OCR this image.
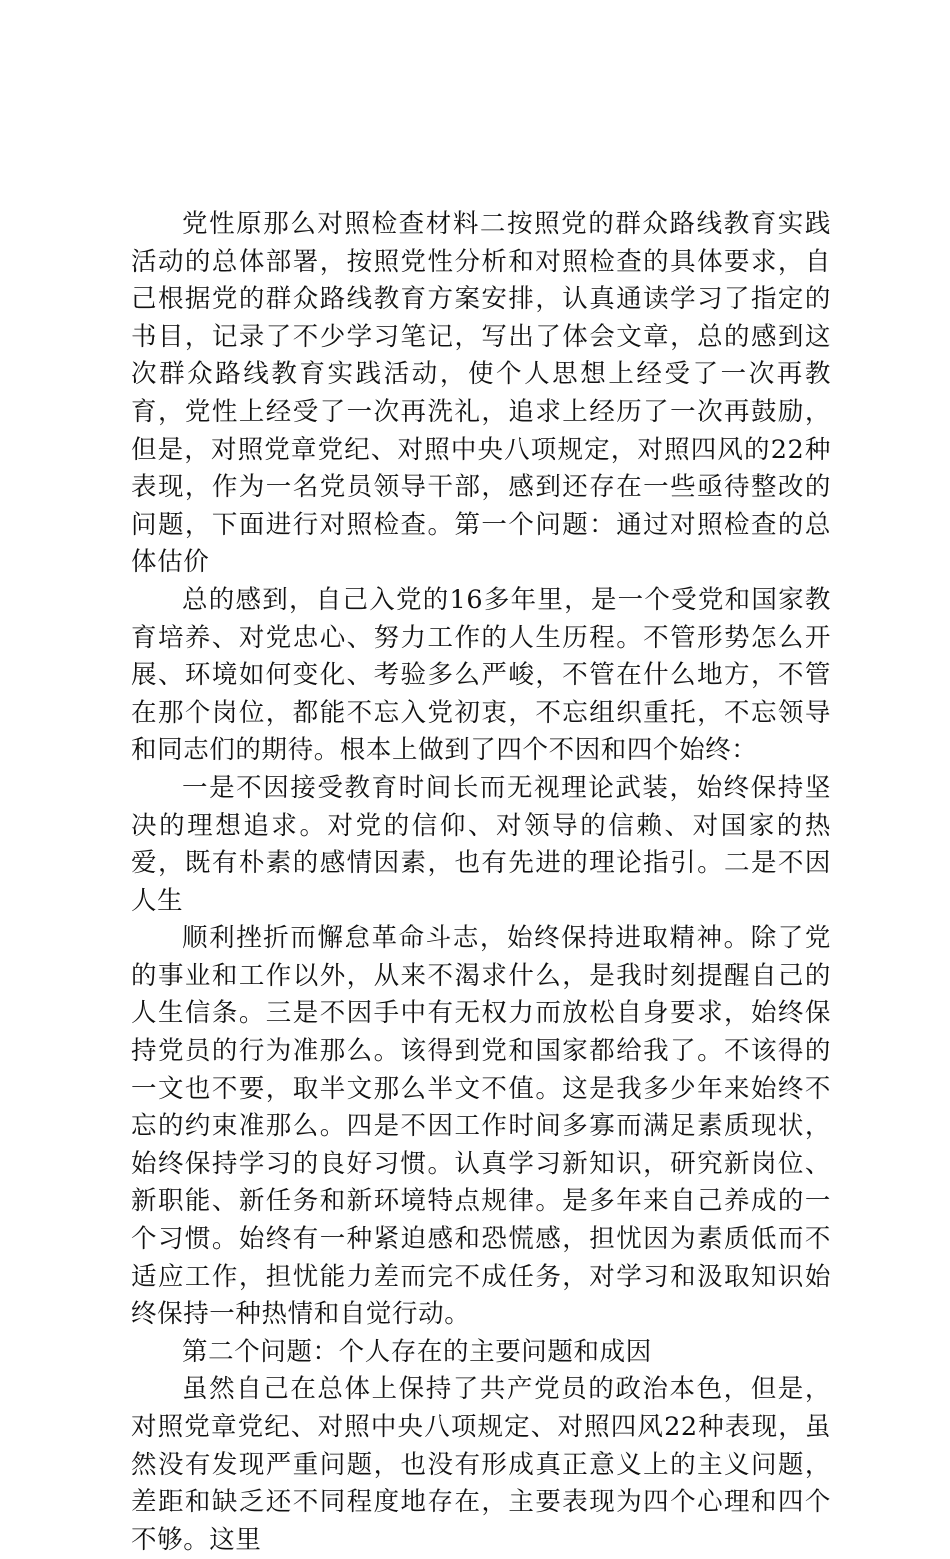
党性原那么对照检查材料二按照党的群众路线教育实践活动的总体部署，按照党性分析和对照检查的具体要求，自己根据党的群众路线教育方案安排，认真通读学习了指定的书目，记录了不少学习笔记，写出了体会文章，总的感到这次群众路线教育实践活动，使个人思想上经受了一次再教育，党性上经受了一次再洗礼，追求上经历了一次再鼓励，但是，对照党章党纪、对照中央八项规定，对照四风的22种表现，作为一名党员领导干部，感到还存在一些亟待整改的问题，下面进行对照检查。第一个问题：通过对照检查的总体估价

总的感到，自己入党的16多年里，是一个受党和国家教育培养、对党忠心、努力工作的人生历程。不管形势怎么开展、环境如何变化、考验多么严峻，不管在什么地方，不管在那个岗位，都能不忘入党初衷，不忘组织重托，不忘领导和同志们的期待。根本上做到了四个不因和四个始终：

一是不因接受教育时间长而无视理论武装，始终保持坚决的理想追求。对党的信仰、对领导的信赖、对国家的热爱，既有朴素的感情因素，也有先进的理论指引。二是不因人生

顺利挫折而懈怠革命斗志，始终保持进取精神。除了党的事业和工作以外，从来不渴求什么，是我时刻提醒自己的人生信条。三是不因手中有无权力而放松自身要求，始终保持党员的行为准那么。该得到党和国家都给我了。不该得的一文也不要，取半文那么半文不值。这是我多少年来始终不忘的约束准那么。四是不因工作时间多寡而满足素质现状，始终保持学习的良好习惯。认真学习新知识，研究新岗位、新职能、新任务和新环境特点规律。是多年来自己养成的一个习惯。始终有一种紧迫感和恐慌感，担忧因为素质低而不适应工作，担忧能力差而完不成任务，对学习和汲取知识始终保持一种热情和自觉行动。

第二个问题：个人存在的主要问题和成因

虽然自己在总体上保持了共产党员的政治本色，但是，对照党章党纪、对照中央八项规定、对照四风22种表现，虽然没有发现严重问题，也没有形成真正意义上的主义问题，差距和缺乏还不同程度地存在，主要表现为四个心理和四个不够。这里
